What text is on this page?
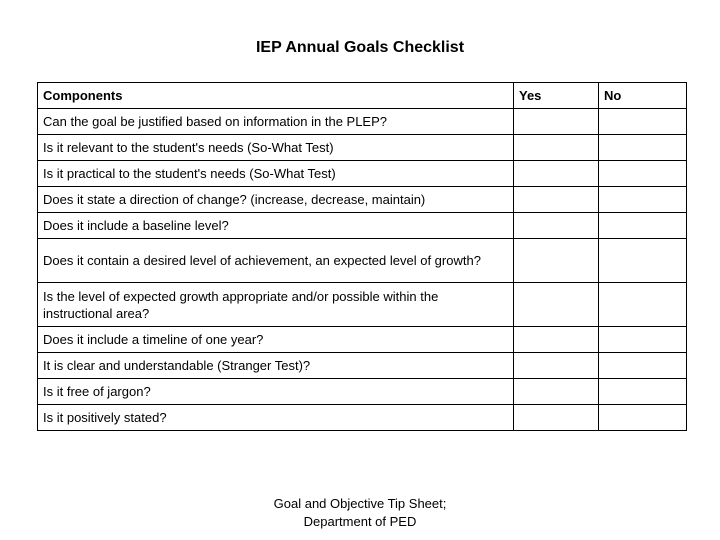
IEP Annual Goals Checklist
Components	Yes	No
Can the goal be justified based on information in the PLEP?		
Is it relevant to the student's needs (So-What Test)		
Is it practical to the student's needs (So-What Test)		
Does it state a direction of change? (increase, decrease, maintain)		
Does it include a baseline level?		
Does it contain a desired level of achievement, an expected level of growth?		
Is the level of expected growth appropriate and/or possible within the instructional area?		
Does it include a timeline of one year?		
It is clear and understandable (Stranger Test)?		
Is it free of jargon?		
Is it positively stated?		
Goal and Objective Tip Sheet;
Department of PED
